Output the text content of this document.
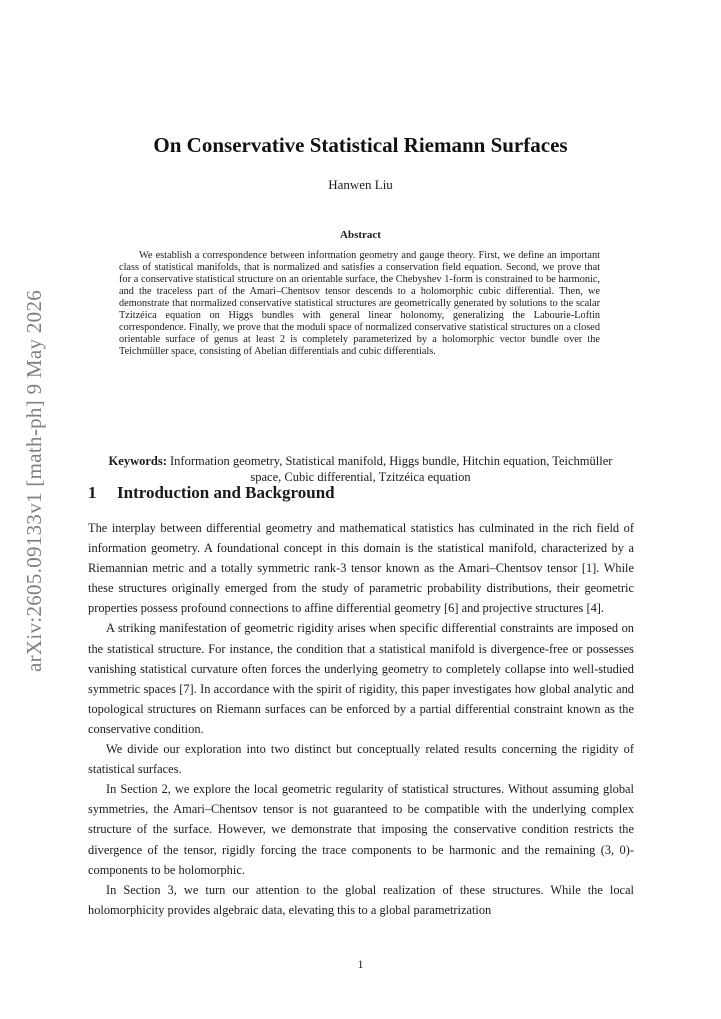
arXiv:2605.09133v1 [math-ph] 9 May 2026
On Conservative Statistical Riemann Surfaces
Hanwen Liu
Abstract
We establish a correspondence between information geometry and gauge theory. First, we define an important class of statistical manifolds, that is normalized and satisfies a conservation field equation. Second, we prove that for a conservative statistical structure on an orientable surface, the Chebyshev 1-form is constrained to be harmonic, and the traceless part of the Amari–Chentsov tensor descends to a holomorphic cubic differential. Then, we demonstrate that normalized conservative statistical structures are geometrically generated by solutions to the scalar Tzitzéica equation on Higgs bundles with general linear holonomy, generalizing the Labourie-Loftin correspondence. Finally, we prove that the moduli space of normalized conservative statistical structures on a closed orientable surface of genus at least 2 is completely parameterized by a holomorphic vector bundle over the Teichmüller space, consisting of Abelian differentials and cubic differentials.
Keywords: Information geometry, Statistical manifold, Higgs bundle, Hitchin equation, Teichmüller space, Cubic differential, Tzitzéica equation
1 Introduction and Background

The interplay between differential geometry and mathematical statistics has culminated in the rich field of information geometry. A foundational concept in this domain is the statistical manifold, characterized by a Riemannian metric and a totally symmetric rank-3 tensor known as the Amari–Chentsov tensor [1]. While these structures originally emerged from the study of parametric probability distributions, their geometric properties possess profound connections to affine differential geometry [6] and projective structures [4].

A striking manifestation of geometric rigidity arises when specific differential constraints are imposed on the statistical structure. For instance, the condition that a statistical manifold is divergence-free or possesses vanishing statistical curvature often forces the underlying geometry to completely collapse into well-studied symmetric spaces [7]. In accordance with the spirit of rigidity, this paper investigates how global analytic and topological structures on Riemann surfaces can be enforced by a partial differential constraint known as the conservative condition.

We divide our exploration into two distinct but conceptually related results concerning the rigidity of statistical surfaces.

In Section 2, we explore the local geometric regularity of statistical structures. Without assuming global symmetries, the Amari–Chentsov tensor is not guaranteed to be compatible with the underlying complex structure of the surface. However, we demonstrate that imposing the conservative condition restricts the divergence of the tensor, rigidly forcing the trace components to be harmonic and the remaining (3, 0)-components to be holomorphic.

In Section 3, we turn our attention to the global realization of these structures. While the local holomorphicity provides algebraic data, elevating this to a global parametrization

1
